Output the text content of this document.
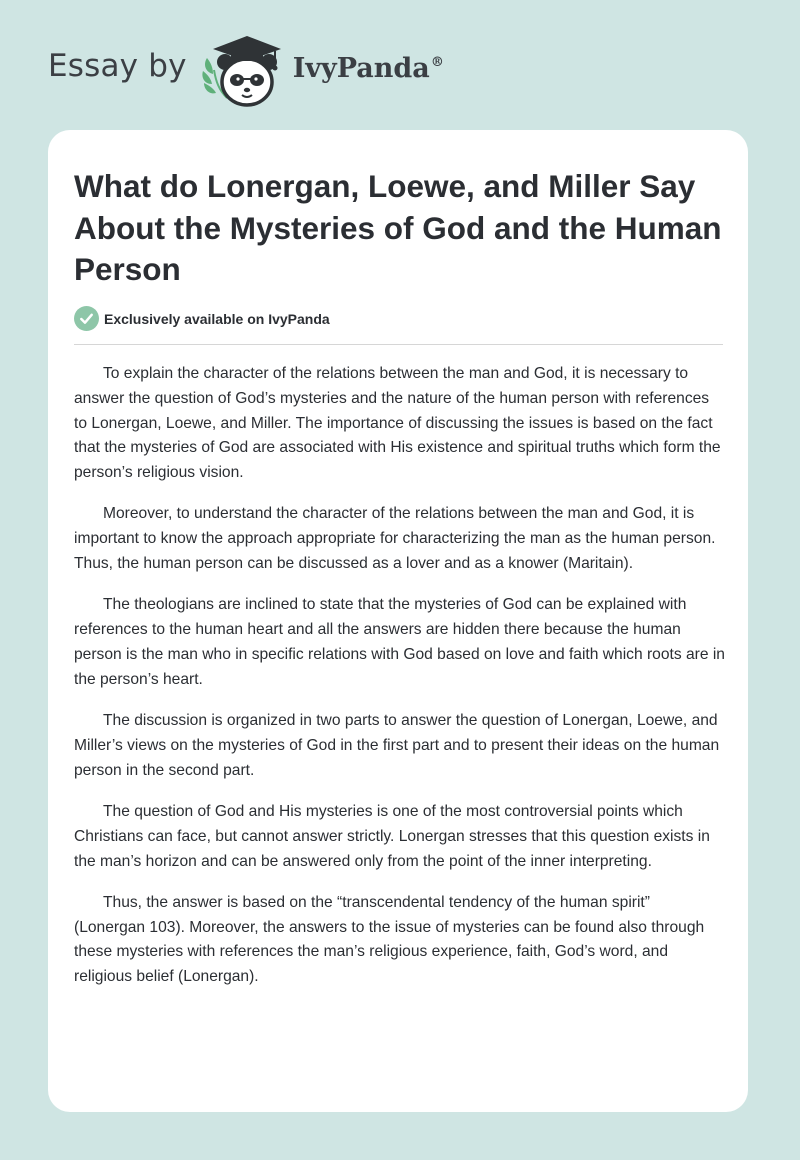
Essay by	IvyPanda®
What do Lonergan, Loewe, and Miller Say About the Mysteries of God and the Human Person
Exclusively available on IvyPanda

To explain the character of the relations between the man and God, it is necessary to answer the question of God’s mysteries and the nature of the human person with references to Lonergan, Loewe, and Miller. The importance of discussing the issues is based on the fact that the mysteries of God are associated with His existence and spiritual truths which form the person’s religious vision.

Moreover, to understand the character of the relations between the man and God, it is important to know the approach appropriate for characterizing the man as the human person. Thus, the human person can be discussed as a lover and as a knower (Maritain).

The theologians are inclined to state that the mysteries of God can be explained with references to the human heart and all the answers are hidden there because the human person is the man who in specific relations with God based on love and faith which roots are in the person’s heart.

The discussion is organized in two parts to answer the question of Lonergan, Loewe, and Miller’s views on the mysteries of God in the first part and to present their ideas on the human person in the second part.

The question of God and His mysteries is one of the most controversial points which Christians can face, but cannot answer strictly. Lonergan stresses that this question exists in the man’s horizon and can be answered only from the point of the inner interpreting.

Thus, the answer is based on the “transcendental tendency of the human spirit” (Lonergan 103). Moreover, the answers to the issue of mysteries can be found also through these mysteries with references the man’s religious experience, faith, God’s word, and religious belief (Lonergan).
